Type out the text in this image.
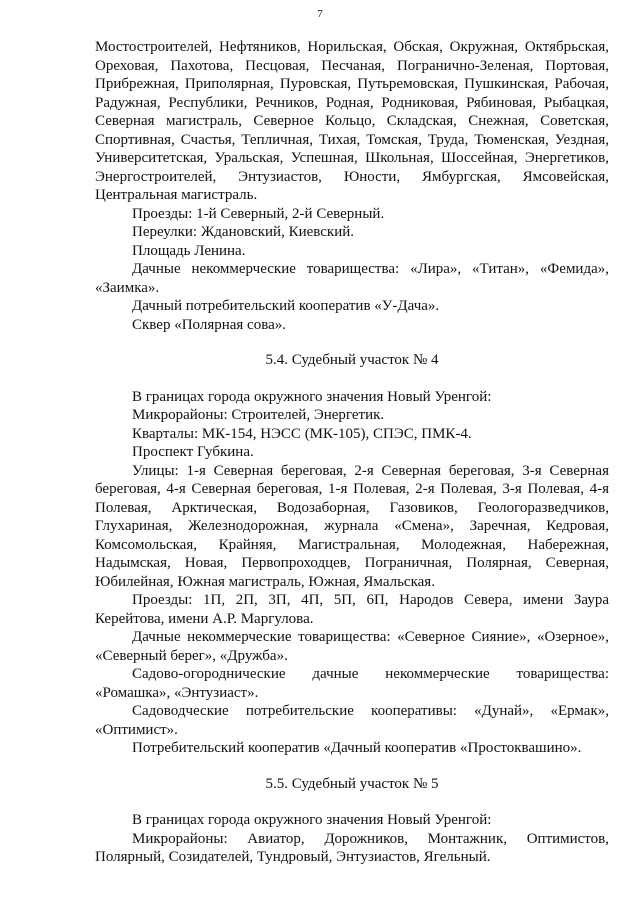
7

Мостостроителей, Нефтяников, Норильская, Обская, Окружная, Октябрьская, Ореховая, Пахотова, Песцовая, Песчаная, Погранично-Зеленая, Портовая, Прибрежная, Приполярная, Пуровская, Путьремовская, Пушкинская, Рабочая, Радужная, Республики, Речников, Родная, Родниковая, Рябиновая, Рыбацкая, Северная магистраль, Северное Кольцо, Складская, Снежная, Советская, Спортивная, Счастья, Тепличная, Тихая, Томская, Труда, Тюменская, Уездная, Университетская, Уральская, Успешная, Школьная, Шоссейная, Энергетиков, Энергостроителей, Энтузиастов, Юности, Ямбургская, Ямсовейская, Центральная магистраль.

Проезды: 1-й Северный, 2-й Северный.

Переулки: Ждановский, Киевский.

Площадь Ленина.

Дачные некоммерческие товарищества: «Лира», «Титан», «Фемида», «Заимка».

Дачный потребительский кооператив «У-Дача».

Сквер «Полярная сова».

5.4. Судебный участок № 4

В границах города окружного значения Новый Уренгой:

Микрорайоны: Строителей, Энергетик.

Кварталы: МК-154, НЭСС (МК-105), СПЭС, ПМК-4.

Проспект Губкина.

Улицы: 1-я Северная береговая, 2-я Северная береговая, 3-я Северная береговая, 4-я Северная береговая, 1-я Полевая, 2-я Полевая, 3-я Полевая, 4-я Полевая, Арктическая, Водозаборная, Газовиков, Геологоразведчиков, Глухариная, Железнодорожная, журнала «Смена», Заречная, Кедровая, Комсомольская, Крайняя, Магистральная, Молодежная, Набережная, Надымская, Новая, Первопроходцев, Пограничная, Полярная, Северная, Юбилейная, Южная магистраль, Южная, Ямальская.

Проезды: 1П, 2П, 3П, 4П, 5П, 6П, Народов Севера, имени Заура Керейтова, имени А.Р. Маргулова.

Дачные некоммерческие товарищества: «Северное Сияние», «Озерное», «Северный берег», «Дружба».

Садово-огороднические дачные некоммерческие товарищества: «Ромашка», «Энтузиаст».

Садоводческие потребительские кооперативы: «Дунай», «Ермак», «Оптимист».

Потребительский кооператив «Дачный кооператив «Простоквашино».

5.5. Судебный участок № 5

В границах города окружного значения Новый Уренгой:

Микрорайоны: Авиатор, Дорожников, Монтажник, Оптимистов, Полярный, Созидателей, Тундровый, Энтузиастов, Ягельный.
